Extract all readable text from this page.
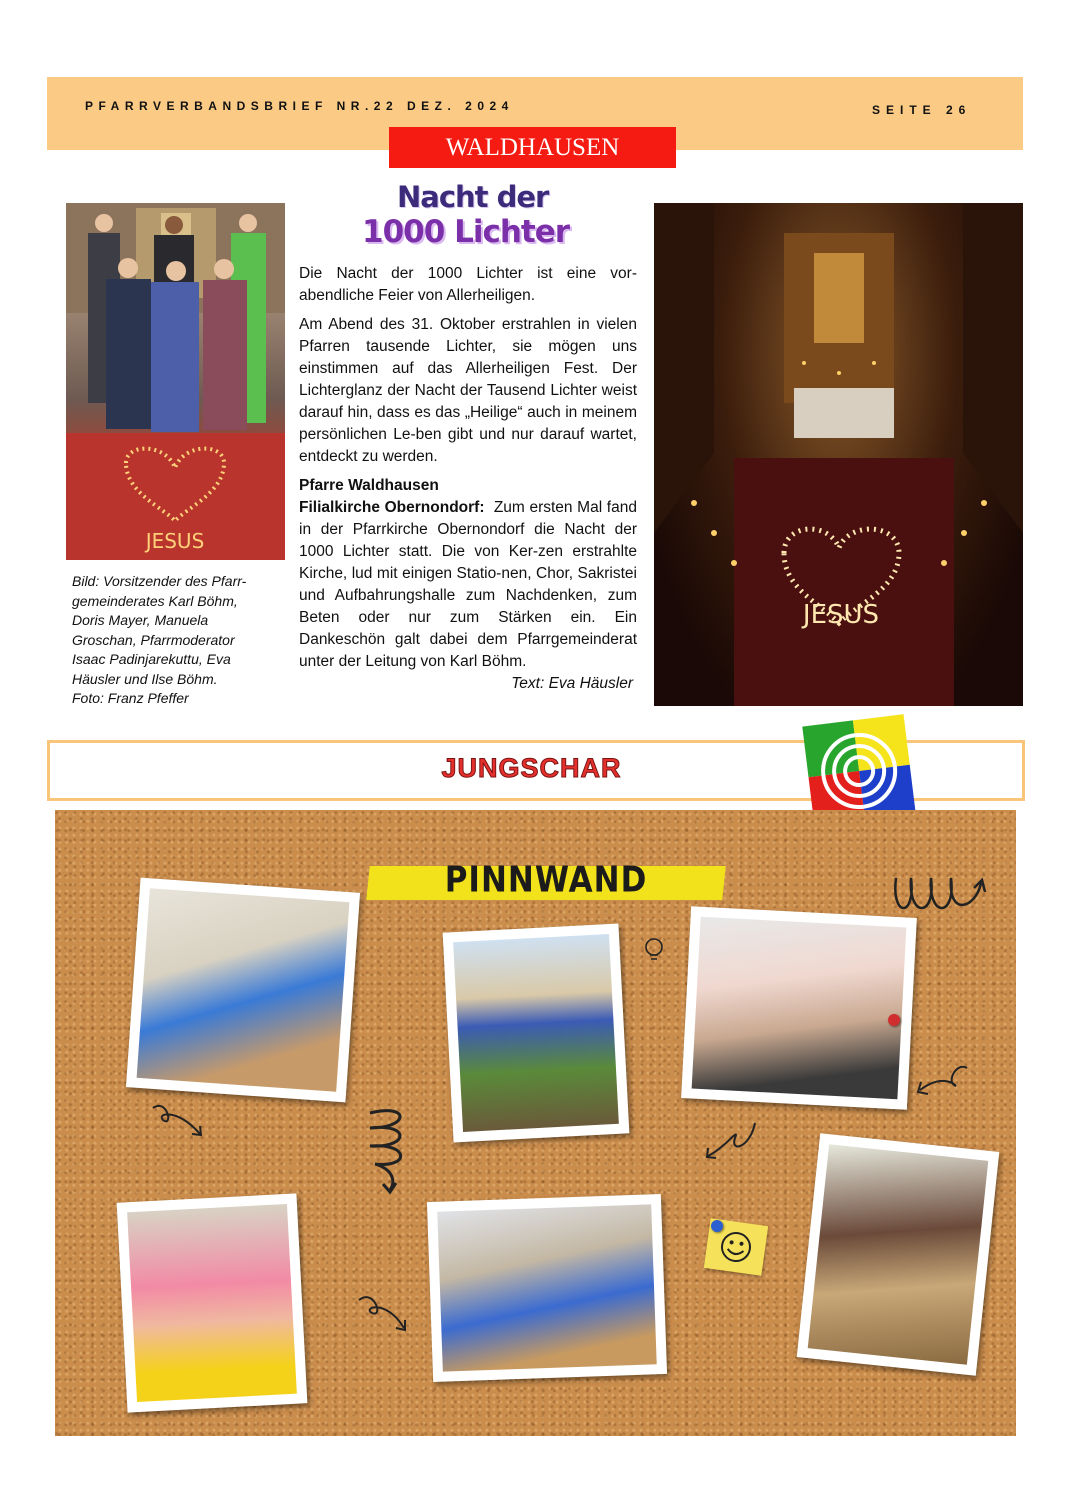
PFARRVERBANDSBRIEF NR.22 DEZ. 2024	SEITE 26
WALDHAUSEN
JESUS
Bild: Vorsitzender des Pfarr-
gemeinderates Karl Böhm,
Doris Mayer, Manuela
Groschan, Pfarrmoderator
Isaac Padinjarekuttu, Eva
Häusler und Ilse Böhm.
Foto: Franz Pfeffer
Nacht der
1000 Lichter

Die Nacht der 1000 Lichter ist eine vor-abendliche Feier von Allerheiligen.

Am Abend des 31. Oktober erstrahlen in vielen Pfarren tausende Lichter, sie mögen uns einstimmen auf das Allerheiligen Fest. Der Lichterglanz der Nacht der Tausend Lichter weist darauf hin, dass es das „Heilige“ auch in meinem persönlichen Le-ben gibt und nur darauf wartet, entdeckt zu werden.

Pfarre Waldhausen

Filialkirche Obernondorf: Zum ersten Mal fand in der Pfarrkirche Obernondorf die Nacht der 1000 Lichter statt. Die von Ker-zen erstrahlte Kirche, lud mit einigen Statio-nen, Chor, Sakristei und Aufbahrungshalle zum Nachdenken, zum Beten oder nur zum Stärken ein. Ein Dankeschön galt dabei dem Pfarrgemeinderat unter der Leitung von Karl Böhm.
Text: Eva Häusler

JESUS
JUNGSCHAR
PINNWAND
